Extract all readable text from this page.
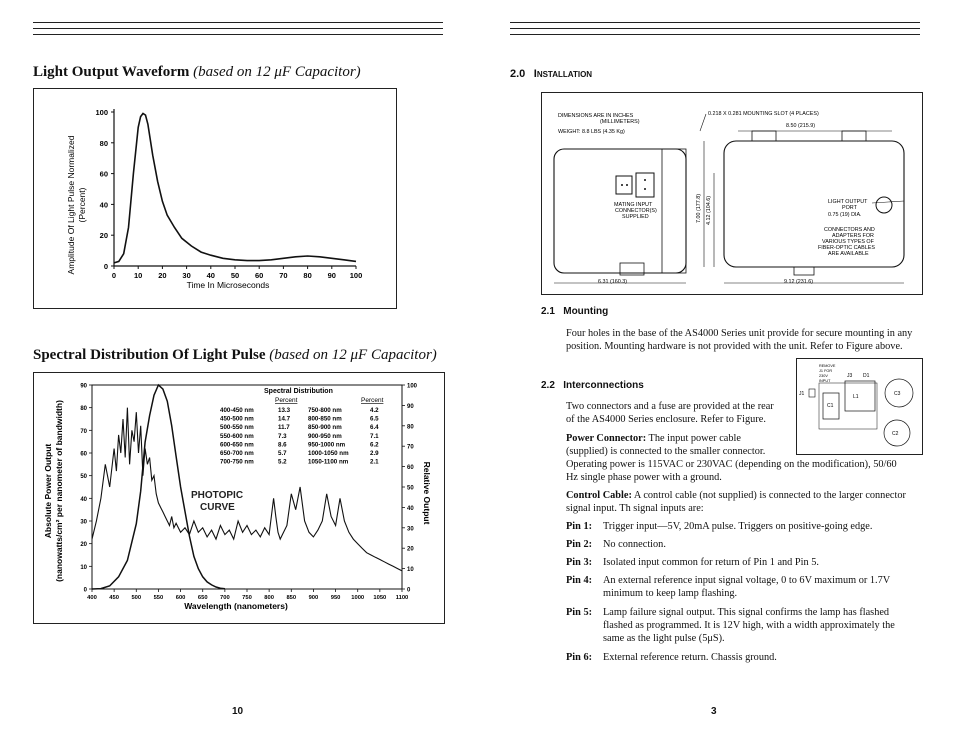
Light Output Waveform (based on 12 μF Capacitor)
0
20
40
60
80
100
0 10 20 30 40 50 60 70 80 90 100
Amplitude Of Light Pulse Normalized (Percent)
Time In Microseconds
Spectral Distribution Of Light Pulse (based on 12 μF Capacitor)
0
10
20
30
40
50
60
70
80
90
0
10
20
30
40
50
60
70
80
90
100
400 450 500 550 600 650 700 750 800 850 900 950 1000 1050 1100
Absolute Power Output (nanowatts/cm² per nanometer of bandwidth)	Relative Output
Wavelength (nanometers)
Spectral Distribution
Percent	Percent
400-450 nm	13.3
450-500 nm	14.7
500-550 nm	11.7
550-600 nm	7.3
600-650 nm	8.6
650-700 nm	5.7
700-750 nm	5.2
750-800 nm	4.2
800-850 nm	6.5
850-900 nm	6.4
900-950 nm	7.1
950-1000 nm	6.2
1000-1050 nm	2.9
1050-1100 nm	2.1
PHOTOPIC
CURVE
10
2.0 INSTALLATION
MATING INPUT
CONNECTOR(S)
SUPPLIED
DIMENSIONS ARE IN INCHES
(MILLIMETERS)
WEIGHT: 8.8 LBS (4.35 Kg)
0.218 X 0.281 MOUNTING SLOT (4 PLACES)
8.50 (215.9)
6.31 (160.3)	9.12 (231.6)
7.00 (177.8) 4.12 (104.6)	LIGHT OUTPUT
PORT
0.75 (19) DIA.
CONNECTORS AND
ADAPTERS FOR
VARIOUS TYPES OF
FIBER-OPTIC CABLES
ARE AVAILABLE
2.1   Mounting
Four holes in the base of the AS4000 Series unit provide for secure mounting in any position. Mounting hardware is not provided with the unit. Refer to Figure above.
REMOVE
J1 FOR
230V
INPUT
J1
C1
J3 D1
L1	C3
C2
2.2   Interconnections
Two connectors and a fuse are provided at the rear
of the AS4000 Series enclosure. Refer to Figure.
Power Connector: The input power cable
(supplied) is connected to the smaller connector.
Operating power is 115VAC or 230VAC (depending on the modification), 50/60 Hz single phase power with a ground.
Control Cable: A control cable (not supplied) is connected to the larger connector signal input. Th signal inputs are:
Pin 1: Trigger input—5V, 20mA pulse. Triggers on positive-going edge.
Pin 2: No connection.
Pin 3: Isolated input common for return of Pin 1 and Pin 5.
Pin 4: An external reference input signal voltage, 0 to 6V maximum or 1.7V minimum to keep lamp flashing.
Pin 5: Lamp failure signal output. This signal confirms the lamp has flashed flashed as programmed. It is 12V high, with a width approximately the same as the light pulse (5μS).
Pin 6: External reference return. Chassis ground.
3
